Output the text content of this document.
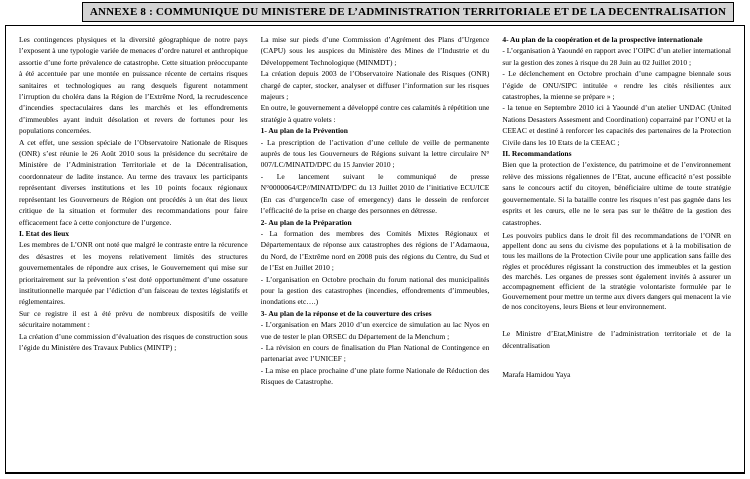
ANNEXE 8 : COMMUNIQUE DU MINISTERE DE L’ADMINISTRATION TERRITORIALE ET DE LA DECENTRALISATION

Les contingences physiques et la diversité géographique de notre pays l’exposent à une typologie variée de menaces d’ordre naturel et anthropique assortie d’une forte prévalence de catastrophe. Cette situation préoccupante à été accentuée par une montée en puissance récente de certains risques sanitaires et technologiques au rang desquels figurent notamment l’irruption du choléra dans la Région de l’Extrême Nord, la recrudescence d’incendies spectaculaires dans les marchés et les effondrements d’immeubles ayant induit désolation et revers de fortunes pour les populations concernées.

A cet effet, une session spéciale de l’Observatoire Nationale de Risques (ONR) s’est réunie le 26 Août 2010 sous la présidence du secrétaire de Ministère de l’Administration Territoriale et de la Décentralisation, coordonnateur de ladite instance. Au terme des travaux les participants représentant diverses institutions et les 10 points focaux régionaux représentant les Gouverneurs de Région ont procédés à un état des lieux critique de la situation et formuler des recommandations pour faire efficacement face à cette conjoncture de l’urgence.

I. Etat des lieux

Les membres de L’ONR ont noté que malgré le contraste entre la récurence des désastres et les moyens relativement limités des structures gouvernementales de répondre aux crises, le Gouvernement qui mise sur prioritairement sur la prévention s’est doté opportunément d’une ossature institutionnelle marquée par l’édiction d’un faisceau de textes législatifs et réglementaires.

Sur ce registre il est à été prévu de nombreux dispositifs de veille sécuritaire notamment :

La création d’une commission d’évaluation des risques de construction sous l’égide du Ministère des Travaux Publics (MINTP) ;

La mise sur pieds d’une Commission d’Agrément des Plans d’Urgence (CAPU) sous les auspices du Ministère des Mines de l’Industrie et du Développement Technologique (MINMDT) ;

La création depuis 2003 de l’Observatoire Nationale des Risques (ONR) chargé de capter, stocker, analyser et diffuser l’information sur les risques majeurs ;

En outre, le gouvernement a développé contre ces calamités à répétition une stratégie à quatre volets :

1- Au plan de la Prévention

- La prescription de l’activation d’une cellule de veille de permanente auprès de tous les Gouverneurs de Régions suivant la lettre circulaire N° 007/LC/MINATD/DPC du 15 Janvier 2010 ;

- Le lancement suivant le communiqué de presse N°0000064/CP//MINATD/DPC du 13 Juillet 2010 de l’initiative ECU/ICE (En cas d’urgence/In case of emergency) dans le dessein de renforcer l’efficacité de la prise en charge des personnes en détresse.

2- Au plan de la Préparation

- La formation des membres des Comités Mixtes Régionaux et Départementaux de réponse aux catastrophes des régions de l’Adamaoua, du Nord, de l’Extrême nord en 2008 puis des régions du Centre, du Sud et de l’Est en Juillet 2010 ;

- L’organisation en Octobre prochain du forum national des municipalités pour la gestion des catastrophes (incendies, effondrements d’immeubles, inondations etc….)

3- Au plan de la réponse et de la couverture des crises

- L’organisation en Mars 2010 d’un exercice de simulation au lac Nyos en vue de tester le plan ORSEC du Département de la Menchum ;

- La révision en cours de finalisation du Plan National de Contingence en partenariat avec l’UNICEF ;

- La mise en place prochaine d’une plate forme Nationale de Réduction des Risques de Catastrophe.

4- Au plan de la coopération et de la prospective internationale

- L’organisation à Yaoundé en rapport avec l’OIPC d’un atelier international sur la gestion des zones à risque du 28 Juin au 02 Juillet 2010 ;

- Le déclenchement en Octobre prochain d’une campagne biennale sous l’égide de ONU/SIPC intitulée « rendre les cités résilientes aux catastrophes, la mienne se prépare » ;

- la tenue en Septembre 2010 ici à Yaoundé d’un atelier UNDAC (United Nations Desasters Assesment and Coordination) coparrainé par l’ONU et la CEEAC et destiné à renforcer les capacités des partenaires de la Protection Civile dans les 10 Etats de la CEEAC ;

II. Recommandations

Bien que la protection de l’existence, du patrimoine et de l’environnement relève des missions régaliennes de l’Etat, aucune efficacité n’est possible sans le concours actif du citoyen, bénéficiaire ultime de toute stratégie gouvernementale. Si la bataille contre les risques n’est pas gagnée dans les esprits et les cœurs, elle ne le sera pas sur le théâtre de la gestion des catastrophes.

Les pouvoirs publics dans le droit fil des recommandations de l’ONR en appellent donc au sens du civisme des populations et à la mobilisation de tous les maillons de la Protection Civile pour une application sans faille des règles et procédures régissant la construction des immeubles et la gestion des marchés. Les organes de presses sont également invités à assurer un accompagnement efficient de la stratégie volontariste formulée par le Gouvernement pour mettre un terme aux divers dangers qui menacent la vie de nos concitoyens, leurs Biens et leur environnement.

Le Ministre d’Etat,Ministre de l’administration territoriale et de la décentralisation

Marafa Hamidou Yaya
